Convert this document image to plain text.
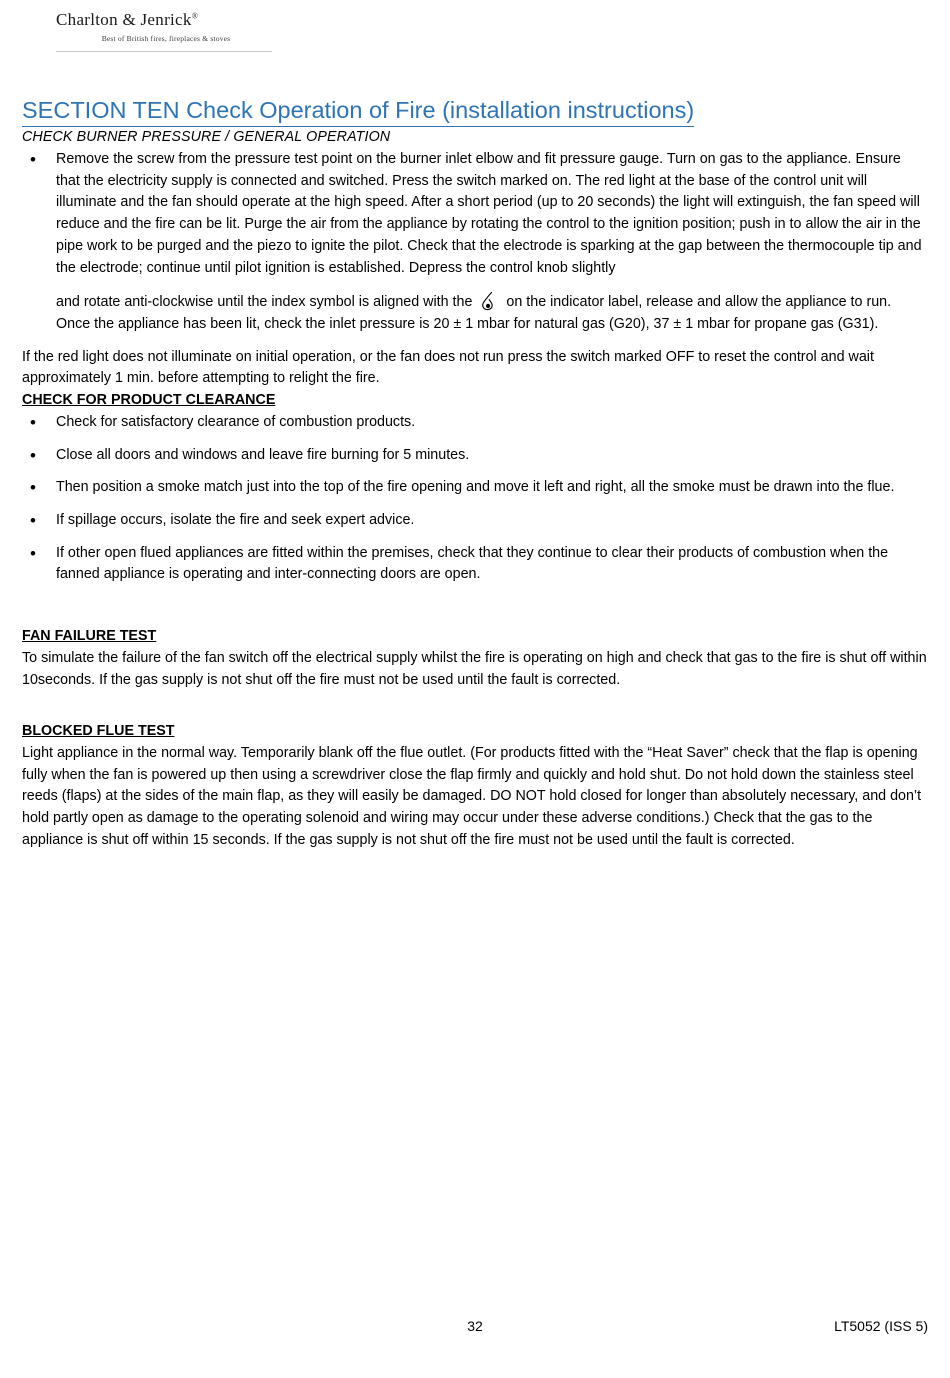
Charlton & Jenrick®
Best of British fires, fireplaces & stoves
SECTION TEN Check Operation of Fire (installation instructions)

CHECK BURNER PRESSURE / GENERAL OPERATION

• Remove the screw from the pressure test point on the burner inlet elbow and fit pressure gauge. Turn on gas to the appliance. Ensure that the electricity supply is connected and switched. Press the switch marked on. The red light at the base of the control unit will illuminate and the fan should operate at the high speed. After a short period (up to 20 seconds) the light will extinguish, the fan speed will reduce and the fire can be lit. Purge the air from the appliance by rotating the control to the ignition position; push in to allow the air in the pipe work to be purged and the piezo to ignite the pilot. Check that the electrode is sparking at the gap between the thermocouple tip and the electrode; continue until pilot ignition is established. Depress the control knob slightly
and rotate anti-clockwise until the index symbol is aligned with the on the indicator label, release and allow the appliance to run. Once the appliance has been lit, check the inlet pressure is 20 ± 1 mbar for natural gas (G20), 37 ± 1 mbar for propane gas (G31).

If the red light does not illuminate on initial operation, or the fan does not run press the switch marked OFF to reset the control and wait approximately 1 min. before attempting to relight the fire.

CHECK FOR PRODUCT CLEARANCE

• Check for satisfactory clearance of combustion products.
• Close all doors and windows and leave fire burning for 5 minutes.
• Then position a smoke match just into the top of the fire opening and move it left and right, all the smoke must be drawn into the flue.
• If spillage occurs, isolate the fire and seek expert advice.
• If other open flued appliances are fitted within the premises, check that they continue to clear their products of combustion when the fanned appliance is operating and inter-connecting doors are open.

FAN FAILURE TEST

To simulate the failure of the fan switch off the electrical supply whilst the fire is operating on high and check that gas to the fire is shut off within 10seconds. If the gas supply is not shut off the fire must not be used until the fault is corrected.

BLOCKED FLUE TEST

Light appliance in the normal way. Temporarily blank off the flue outlet. (For products fitted with the “Heat Saver” check that the flap is opening fully when the fan is powered up then using a screwdriver close the flap firmly and quickly and hold shut. Do not hold down the stainless steel reeds (flaps) at the sides of the main flap, as they will easily be damaged. DO NOT hold closed for longer than absolutely necessary, and don’t hold partly open as damage to the operating solenoid and wiring may occur under these adverse conditions.) Check that the gas to the appliance is shut off within 15 seconds. If the gas supply is not shut off the fire must not be used until the fault is corrected.

32	LT5052 (ISS 5)
